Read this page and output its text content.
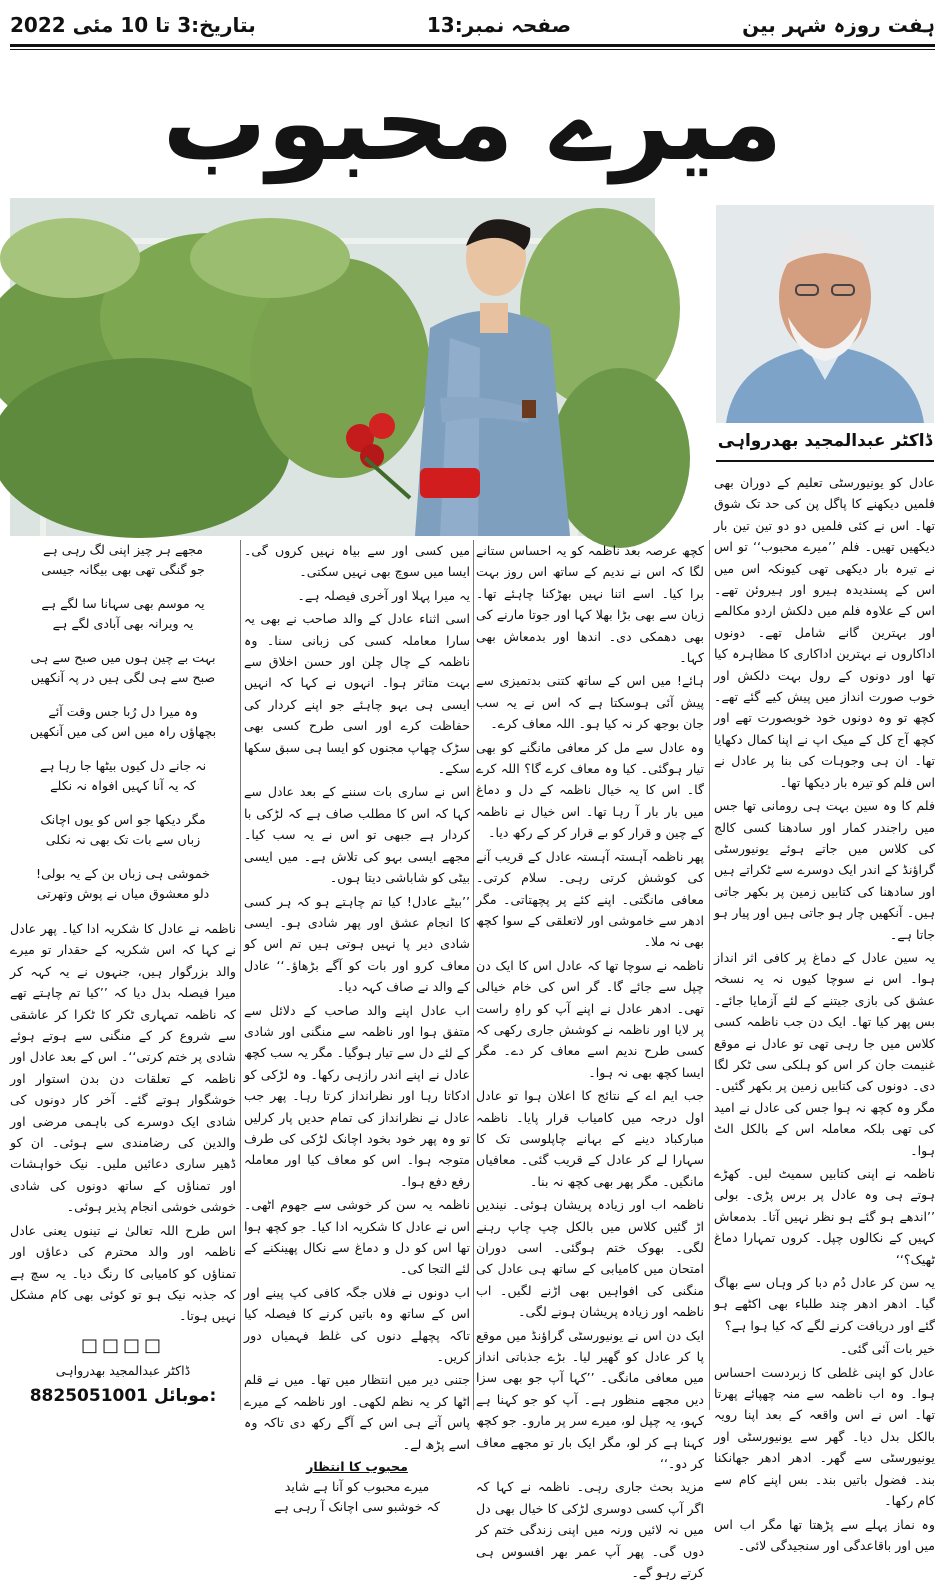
بتاریخ:3 تا 10 مئی 2022	صفحہ نمبر:13	ہفت روزہ شہر بین
میرے محبوب
ڈاکٹر عبدالمجید بھدرواہی

عادل کو یونیورسٹی تعلیم کے دوران بھی فلمیں دیکھنے کا پاگل پن کی حد تک شوق تھا۔ اس نے کئی فلمیں دو دو تین تین بار دیکھیں تھیں۔ فلم ’’میرے محبوب‘‘ تو اس نے تیرہ بار دیکھی تھی کیونکہ اس میں اس کے پسندیدہ ہیرو اور ہیروئن تھے۔ اس کے علاوہ فلم میں دلکش اردو مکالمے اور بہترین گانے شامل تھے۔ دونوں اداکاروں نے بہترین اداکاری کا مظاہرہ کیا تھا اور دونوں کے رول بہت دلکش اور خوب صورت انداز میں پیش کیے گئے تھے۔ کچھ تو وہ دونوں خود خوبصورت تھے اور کچھ آج کل کے میک اپ نے اپنا کمال دکھایا تھا۔ ان ہی وجوہات کی بنا پر عادل نے اس فلم کو تیرہ بار دیکھا تھا۔

فلم کا وہ سین بہت ہی رومانی تھا جس میں راجندر کمار اور سادھنا کسی کالج کی کلاس میں جاتے ہوئے یونیورسٹی گراؤنڈ کے اندر ایک دوسرے سے ٹکراتے ہیں اور سادھنا کی کتابیں زمین پر بکھر جاتی ہیں۔ آنکھیں چار ہو جاتی ہیں اور پیار ہو جاتا ہے۔

یہ سین عادل کے دماغ پر کافی اثر انداز ہوا۔ اس نے سوچا کیوں نہ یہ نسخہ عشق کی بازی جیتنے کے لئے آزمایا جائے۔ بس پھر کیا تھا۔ ایک دن جب ناظمہ کسی کلاس میں جا رہی تھی تو عادل نے موقع غنیمت جان کر اس کو ہلکی سی ٹکر لگا دی۔ دونوں کی کتابیں زمین پر بکھر گئیں۔ مگر وہ کچھ نہ ہوا جس کی عادل نے امید کی تھی بلکہ معاملہ اس کے بالکل الٹ ہوا۔

ناظمہ نے اپنی کتابیں سمیٹ لیں۔ کھڑے ہوتے ہی وہ عادل پر برس پڑی۔ بولی ’’اندھے ہو گئے ہو نظر نہیں آتا۔ بدمعاش کہیں کے نکالوں چپل۔ کروں تمہارا دماغ ٹھیک؟‘‘

یہ سن کر عادل دُم دبا کر وہاں سے بھاگ گیا۔ ادھر ادھر چند طلباء بھی اکٹھے ہو گئے اور دریافت کرنے لگے کہ کیا ہوا ہے؟

خیر بات آئی گئی۔

عادل کو اپنی غلطی کا زبردست احساس ہوا۔ وہ اب ناظمہ سے منہ چھپائے پھرتا تھا۔ اس نے اس واقعہ کے بعد اپنا رویہ بالکل بدل دیا۔ گھر سے یونیورسٹی اور یونیورسٹی سے گھر۔ ادھر ادھر جھانکنا بند۔ فضول باتیں بند۔ بس اپنے کام سے کام رکھا۔

وہ نماز پہلے سے پڑھتا تھا مگر اب اس میں اور باقاعدگی اور سنجیدگی لائی۔

کچھ عرصہ بعد ناظمہ کو یہ احساس ستانے لگا کہ اس نے ندیم کے ساتھ اس روز بہت برا کیا۔ اسے اتنا نہیں بھڑکنا چاہئے تھا۔ زبان سے بھی بڑا بھلا کہا اور جوتا مارنے کی بھی دھمکی دی۔ اندھا اور بدمعاش بھی کہا۔

ہائے! میں اس کے ساتھ کتنی بدتمیزی سے پیش آئی ہوسکتا ہے کہ اس نے یہ سب جان بوجھ کر نہ کیا ہو۔ اللہ معاف کرے۔

وہ عادل سے مل کر معافی مانگنے کو بھی تیار ہوگئی۔ کیا وہ معاف کرے گا؟ اللہ کرے گا۔ اس کا یہ خیال ناظمہ کے دل و دماغ میں بار بار آ رہا تھا۔ اس خیال نے ناظمہ کے چین و قرار کو بے قرار کر کے رکھ دیا۔

پھر ناظمہ آہستہ آہستہ عادل کے قریب آنے کی کوشش کرتی رہی۔ سلام کرتی۔ معافی مانگتی۔ اپنے کئے پر پچھتاتی۔ مگر ادھر سے خاموشی اور لاتعلقی کے سوا کچھ بھی نہ ملا۔

ناظمہ نے سوچا تھا کہ عادل اس کا ایک دن چپل سے جائے گا۔ گر اس کی خام خیالی تھی۔ ادھر عادل نے اپنے آپ کو راہِ راست پر لایا اور ناظمہ نے کوشش جاری رکھی کہ کسی طرح ندیم اسے معاف کر دے۔ مگر ایسا کچھ بھی نہ ہوا۔

جب ایم اے کے نتائج کا اعلان ہوا تو عادل اول درجہ میں کامیاب قرار پایا۔ ناظمہ مبارکباد دینے کے بہانے چاپلوسی تک کا سہارا لے کر عادل کے قریب گئی۔ معافیاں مانگیں۔ مگر پھر بھی کچھ نہ بنا۔

ناظمہ اب اور زیادہ پریشان ہوئی۔ نیندیں اڑ گئیں کلاس میں بالکل چپ چاپ رہنے لگی۔ بھوک ختم ہوگئی۔ اسی دوران امتحان میں کامیابی کے ساتھ ہی عادل کی منگنی کی افواہیں بھی اڑنے لگیں۔ اب ناظمہ اور زیادہ پریشان ہونے لگی۔

ایک دن اس نے یونیورسٹی گراؤنڈ میں موقع پا کر عادل کو گھیر لیا۔ بڑے جذباتی انداز میں معافی مانگی۔ ’’کہا آپ جو بھی سزا دیں مجھے منظور ہے۔ آپ کو جو کہنا ہے کہو، یہ چپل لو، میرے سر پر مارو۔ جو کچھ کہنا ہے کر لو، مگر ایک بار تو مجھے معاف کر دو۔‘‘

مزید بحث جاری رہی۔ ناظمہ نے کہا کہ اگر آپ کسی دوسری لڑکی کا خیال بھی دل میں نہ لائیں ورنہ میں اپنی زندگی ختم کر دوں گی۔ پھر آپ عمر بھر افسوس ہی کرتے رہو گے۔

میں کسی اور سے بیاہ نہیں کروں گی۔ ایسا میں سوچ بھی نہیں سکتی۔

یہ میرا پہلا اور آخری فیصلہ ہے۔

اسی اثناء عادل کے والد صاحب نے بھی یہ سارا معاملہ کسی کی زبانی سنا۔ وہ ناظمہ کے چال چلن اور حسن اخلاق سے بہت متاثر ہوا۔ انہوں نے کہا کہ انہیں ایسی ہی بہو چاہئے جو اپنے کردار کی حفاظت کرے اور اسی طرح کسی بھی سڑک چھاپ مجنوں کو ایسا ہی سبق سکھا سکے۔

اس نے ساری بات سننے کے بعد عادل سے کہا کہ اس کا مطلب صاف ہے کہ لڑکی با کردار ہے جبھی تو اس نے یہ سب کیا۔ مجھے ایسی بہو کی تلاش ہے۔ میں ایسی بیٹی کو شاباشی دیتا ہوں۔

’’بیٹے عادل! کیا تم چاہتے ہو کہ ہر کسی کا انجام عشق اور پھر شادی ہو۔ ایسی شادی دیر پا نہیں ہوتی ہیں تم اس کو معاف کرو اور بات کو آگے بڑھاؤ۔‘‘ عادل کے والد نے صاف کہہ دیا۔

اب عادل اپنے والد صاحب کے دلائل سے متفق ہوا اور ناظمہ سے منگنی اور شادی کے لئے دل سے تیار ہوگیا۔ مگر یہ سب کچھ عادل نے اپنے اندر رازہی رکھا۔ وہ لڑکی کو ادکاتا رہا اور نظرانداز کرتا رہا۔ پھر جب عادل نے نظرانداز کی تمام حدیں پار کرلیں تو وہ پھر خود بخود اچانک لڑکی کی طرف متوجہ ہوا۔ اس کو معاف کیا اور معاملہ رفع دفع ہوا۔

ناظمہ یہ سن کر خوشی سے جھوم اٹھی۔ اس نے عادل کا شکریہ ادا کیا۔ جو کچھ ہوا تھا اس کو دل و دماغ سے نکال پھینکنے کے لئے التجا کی۔

اب دونوں نے فلاں جگہ کافی کپ پینے اور اس کے ساتھ وہ باتیں کرنے کا فیصلہ کیا تاکہ پچھلے دنوں کی غلط فہمیاں دور کریں۔

جتنی دیر میں انتظار میں تھا۔ میں نے قلم اٹھا کر یہ نظم لکھی۔ اور ناظمہ کے میرے پاس آتے ہی اس کے آگے رکھ دی تاکہ وہ اسے پڑھ لے۔

محبوب کا انتظار

میرے محبوب کو آنا ہے شاید

کہ خوشبو سی اچانک آ رہی ہے

مجھے ہر چیز اپنی لگ رہی ہے

جو گنگی تھی بھی بیگانہ جیسی

یہ موسم بھی سہانا سا لگے ہے

یہ ویرانہ بھی آبادی لگے ہے

بہت بے چین ہوں میں صبح سے ہی

صبح سے ہی لگی ہیں در پہ آنکھیں

وہ میرا دل رُبا جس وقت آئے

بچھاؤں راہ میں اس کی میں آنکھیں

نہ جانے دل کیوں بیٹھا جا رہا ہے

کہ یہ آنا کہیں افواہ نہ نکلے

مگر دیکھا جو اس کو یوں اچانک

زباں سے بات تک بھی نہ نکلی

خموشی ہی زباں بن کے یہ بولی!

دلو معشوق میاں نے پوش وتھرتی

ناظمہ نے عادل کا شکریہ ادا کیا۔ پھر عادل نے کہا کہ اس شکریہ کے حقدار تو میرے والد بزرگوار ہیں، جنہوں نے یہ کہہ کر میرا فیصلہ بدل دیا کہ ’’کیا تم چاہتے تھے کہ ناظمہ تمہاری ٹکر کا ٹکرا کر عاشقی سے شروع کر کے منگنی سے ہوتے ہوئے شادی پر ختم کرتی‘‘۔ اس کے بعد عادل اور ناظمہ کے تعلقات دن بدن استوار اور خوشگوار ہوتے گئے۔ آخر کار دونوں کی شادی ایک دوسرے کی باہمی مرضی اور والدین کی رضامندی سے ہوئی۔ ان کو ڈھیر ساری دعائیں ملیں۔ نیک خواہشات اور تمناؤں کے ساتھ دونوں کی شادی خوشی خوشی انجام پذیر ہوئی۔

اس طرح اللہ تعالیٰ نے تینوں یعنی عادل ناظمہ اور والد محترم کی دعاؤں اور تمناؤں کو کامیابی کا رنگ دیا۔ یہ سچ ہے کہ جذبہ نیک ہو تو کوئی بھی کام مشکل نہیں ہوتا۔

□□□□

ڈاکٹر عبدالمجید بھدرواہی

8825051001 موبائل:
